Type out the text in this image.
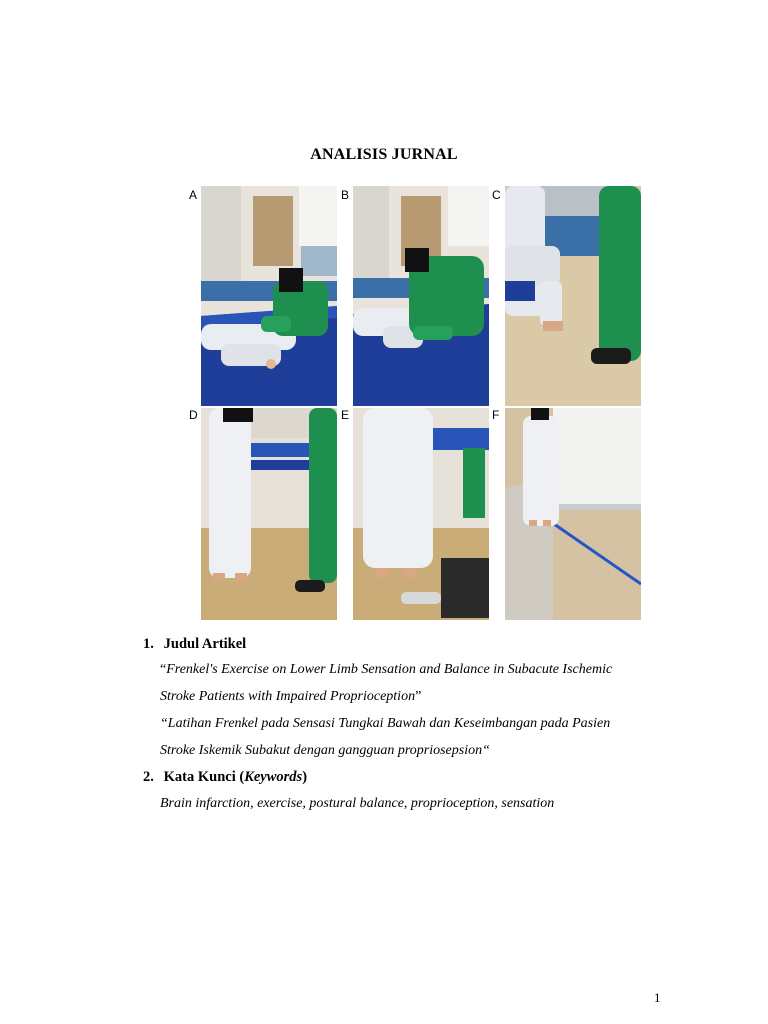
ANALISIS JURNAL
A	B	C
D	E	F
1. Judul Artikel
“Frenkel's Exercise on Lower Limb Sensation and Balance in Subacute Ischemic
Stroke Patients with Impaired Proprioception”
“Latihan Frenkel pada Sensasi Tungkai Bawah dan Keseimbangan pada Pasien
Stroke Iskemik Subakut dengan gangguan propriosepsion“
2. Kata Kunci (Keywords)
Brain infarction, exercise, postural balance, proprioception, sensation
1
